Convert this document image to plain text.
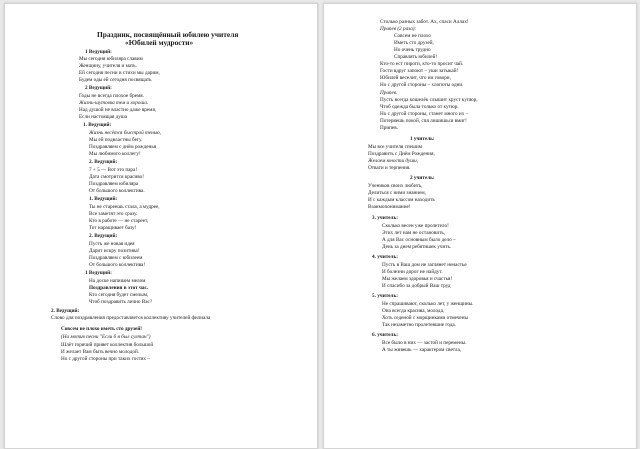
Праздник, посвящённый юбилею учителя
«Юбилей мудрости»
1 Ведущий:
Мы сегодня юбиляра славим
Женщину, учителя и мать.
Ей сегодня песни и стихи мы дарим,
Будем оды ей сегодня посвящать
2 Ведущий:
Годы не всегда плохое бремя.
Жизнь-шутовка тем и хороша.
Над душой не властно даже время,
Если настоящая душа
1. Ведущий:
Жизнь несётся быстрой тенью,
Мы ей подвластны бегу.
Поздравляем с днём рожденья
Мы любимого коллегу!
2. Ведущий:
7 + 5 — Вот это пара!
Дата смотрится красиво!
Поздравляем юбиляра
От большого коллектива.
1. Ведущий:
Ты не стареешь стала, а мудрее,
Все заметят это сразу.
Кто в работе — не стареет,
Тот наращивает базу!
2. Ведущий:
Пусть же новая идея
Дарит искру позитива!
Поздравляем с юбилеем
От большого коллектива!
1 Ведущий:
На доске напишем мелом
Поздравления в этот час.
Кто сегодня будет смелым,
Чтоб поздравить лично Вас?
2. Ведущий:
Слово для поздравления предоставляется коллективу учителей филиала
Совсем не плохо иметь сто друзей!
(На мотив песни "Если б я был султан")
Шлёт горячий привет коллектив большой
И желает Вам быть вечно молодой.
Но с другой стороны при таких гостях –
Столько разных забот. Ах, спаси Аллах!
Припев (2 раза):
Совсем не плохо
Иметь сто друзей,
Но очень трудно
Справлять юбилей!
Кто-то ест пироги, кто-то просит чай.
Гости вдруг запоют – уши затыкай!
Юбилей веселит, что ни говори,
Но с другой стороны – хлопоты одни.
Припев.
Пусть всегда кошелёк слышит хруст купюр,
Чтоб одежда была только от кутюр.
Но с другой стороны, станет много их –
Потеряешь покой, спя лишишься вмиг!
Припев.
1 учитель:
Мы все учителя спешим
Поздравить с Днём Рождения,
Желаем юности души,
Отваги и терпения.
2 учитель:
Учеников своих любить,
Делиться с ними знанием,
И с каждым классом находить
Взаимопонимание!
3. учитель:
Сколько весен уже пролетело!
Этих лет нам не остановить,
А для Вас основным было дело –
День за днем ребятишек учить.
4. учитель:
Пусть в Ваш дом не заглянет ненастье
И болезни дорог не найдут.
Мы желаем здоровья и счастья!
И спасибо за добрый Ваш труд
5. учитель:
Не спрашивают, сколько лет, у женщины.
Она всегда красива, молода,
Хоть седеной с морщинками отмечены
Так незаметно пролетевшие года.
6. учитель:
Все было в них — застой и перемены.
А ты живешь — характером светла,
